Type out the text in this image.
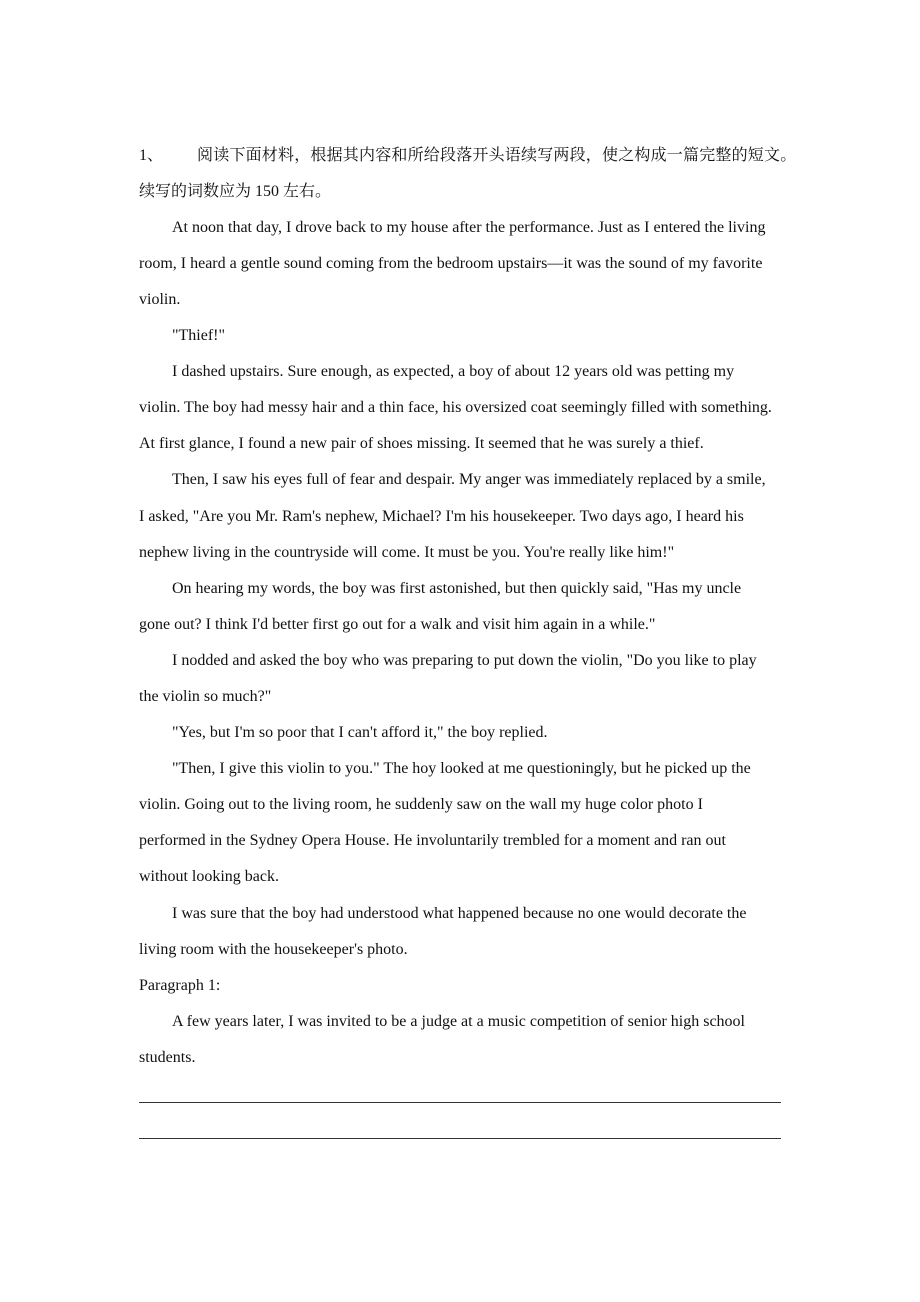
1、 阅读下面材料，根据其内容和所给段落开头语续写两段，使之构成一篇完整的短文。
续写的词数应为 150 左右。
At noon that day, I drove back to my house after the performance. Just as I entered the living
room, I heard a gentle sound coming from the bedroom upstairs—it was the sound of my favorite
violin.
"Thief!"
I dashed upstairs. Sure enough, as expected, a boy of about 12 years old was petting my
violin. The boy had messy hair and a thin face, his oversized coat seemingly filled with something.
At first glance, I found a new pair of shoes missing. It seemed that he was surely a thief.
Then, I saw his eyes full of fear and despair. My anger was immediately replaced by a smile,
I asked, "Are you Mr. Ram's nephew, Michael? I'm his housekeeper. Two days ago, I heard his
nephew living in the countryside will come. It must be you. You're really like him!"
On hearing my words, the boy was first astonished, but then quickly said, "Has my uncle
gone out? I think I'd better first go out for a walk and visit him again in a while."
I nodded and asked the boy who was preparing to put down the violin, "Do you like to play
the violin so much?"
"Yes, but I'm so poor that I can't afford it," the boy replied.
"Then, I give this violin to you." The hoy looked at me questioningly, but he picked up the
violin. Going out to the living room, he suddenly saw on the wall my huge color photo I
performed in the Sydney Opera House. He involuntarily trembled for a moment and ran out
without looking back.
I was sure that the boy had understood what happened because no one would decorate the
living room with the housekeeper's photo.
Paragraph 1:
A few years later, I was invited to be a judge at a music competition of senior high school
students.
